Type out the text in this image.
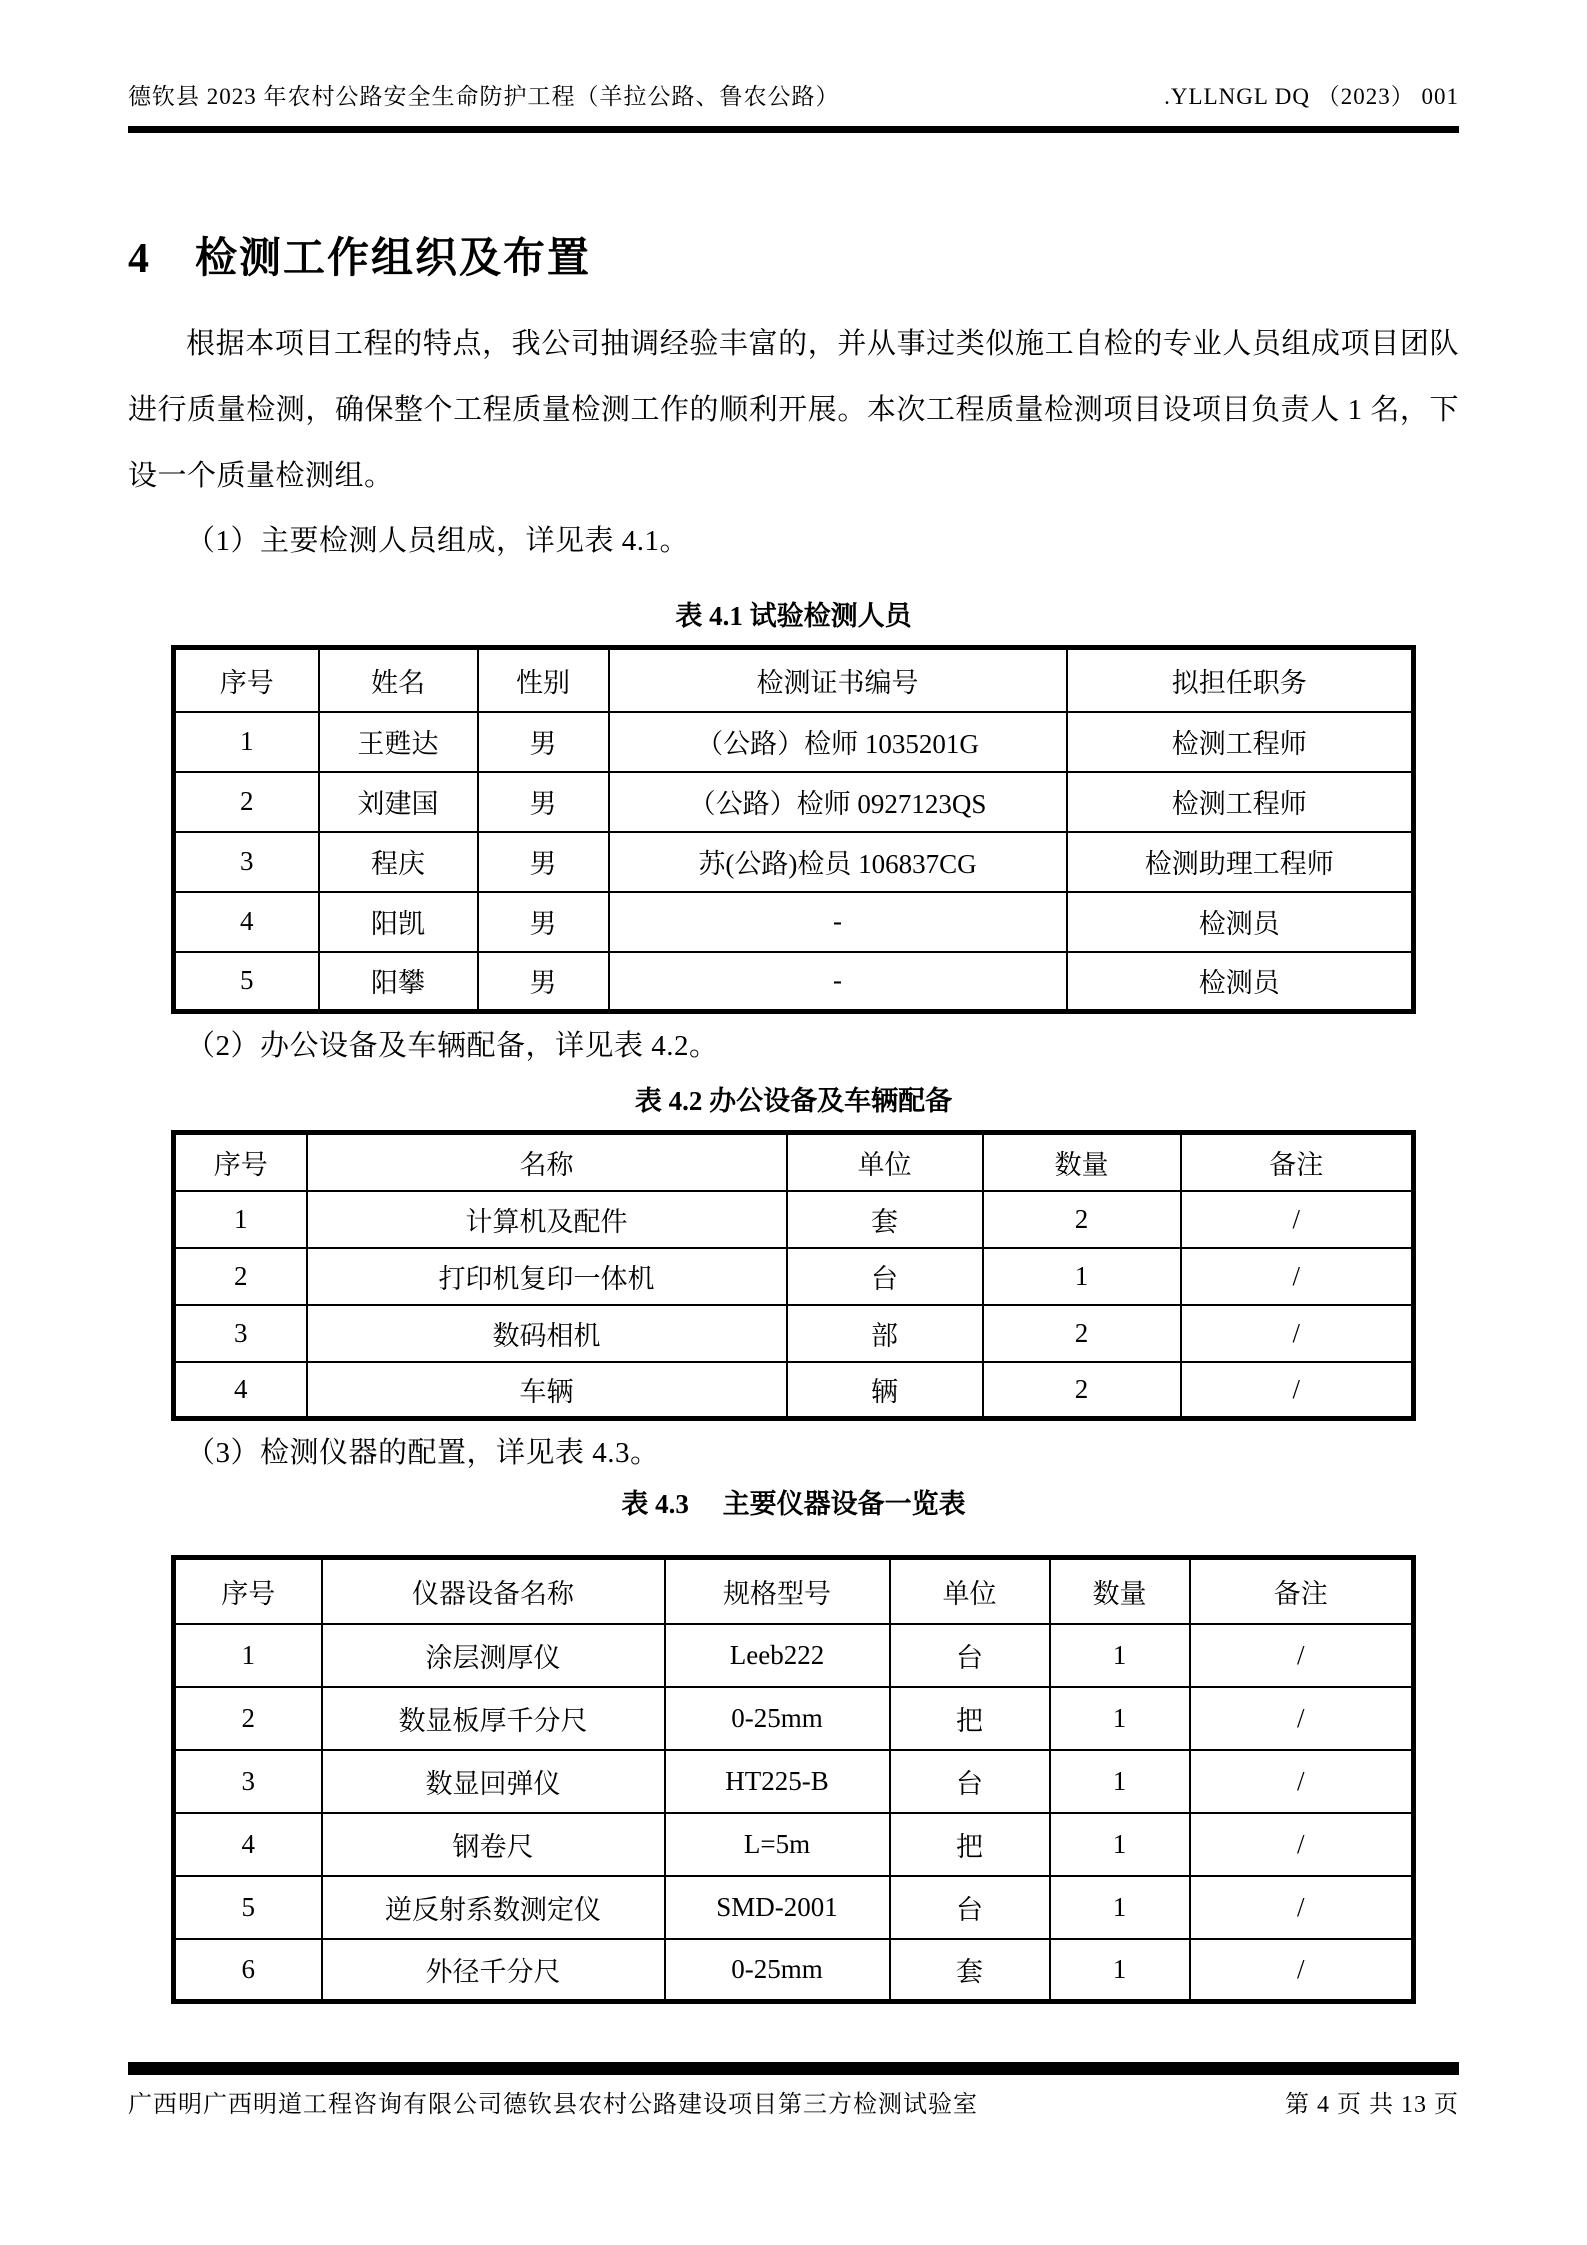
德钦县 2023 年农村公路安全生命防护工程（羊拉公路、鲁农公路）	.YLLNGL DQ （2023） 001
4 检测工作组织及布置

根据本项目工程的特点，我公司抽调经验丰富的，并从事过类似施工自检的专业人员组成项目团队进行质量检测，确保整个工程质量检测工作的顺利开展。本次工程质量检测项目设项目负责人 1 名，下设一个质量检测组。

（1）主要检测人员组成，详见表 4.1。

表 4.1 试验检测人员
序号	姓名	性别	检测证书编号	拟担任职务
1	王甦达	男	（公路）检师 1035201G	检测工程师
2	刘建国	男	（公路）检师 0927123QS	检测工程师
3	程庆	男	苏(公路)检员 106837CG	检测助理工程师
4	阳凯	男	-	检测员
5	阳攀	男	-	检测员

（2）办公设备及车辆配备，详见表 4.2。

表 4.2 办公设备及车辆配备
序号	名称	单位	数量	备注
1	计算机及配件	套	2	/
2	打印机复印一体机	台	1	/
3	数码相机	部	2	/
4	车辆	辆	2	/

（3）检测仪器的配置，详见表 4.3。

表 4.3　 主要仪器设备一览表
序号	仪器设备名称	规格型号	单位	数量	备注
1	涂层测厚仪	Leeb222	台	1	/
2	数显板厚千分尺	0-25mm	把	1	/
3	数显回弹仪	HT225-B	台	1	/
4	钢卷尺	L=5m	把	1	/
5	逆反射系数测定仪	SMD-2001	台	1	/
6	外径千分尺	0-25mm	套	1	/
广西明广西明道工程咨询有限公司德钦县农村公路建设项目第三方检测试验室	第 4 页 共 13 页
